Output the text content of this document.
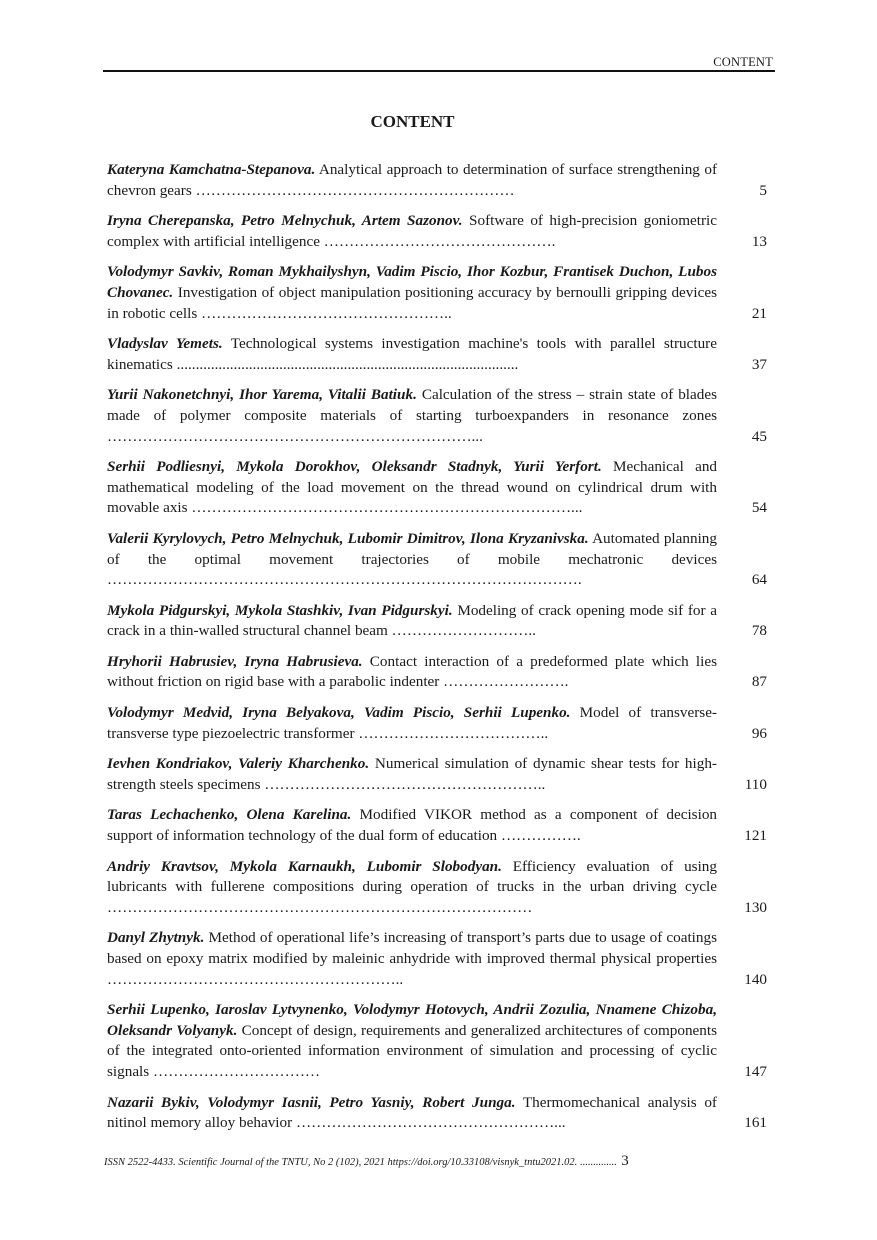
CONTENT
CONTENT
Kateryna Kamchatna-Stepanova. Analytical approach to determination of surface strengthening of chevron gears ………………………………………………………	5
Iryna Cherepanska, Petro Melnychuk, Artem Sazonov. Software of high-precision goniometric complex with artificial intelligence ……………………………………….	13
Volodymyr Savkiv, Roman Mykhailyshyn, Vadim Piscio, Ihor Kozbur, Frantisek Duchon, Lubos Chovanec. Investigation of object manipulation positioning accuracy by bernoulli gripping devices in robotic cells …………………………………………..	21
Vladyslav Yemets. Technological systems investigation machine's tools with parallel structure kinematics ..........................................................................................	37
Yurii Nakonetchnyi, Ihor Yarema, Vitalii Batiuk. Calculation of the stress – strain state of blades made of polymer composite materials of starting turboexpanders in resonance zones ………………………………………………………………...	45
Serhii Podliesnyi, Mykola Dorokhov, Oleksandr Stadnyk, Yurii Yerfort. Mechanical and mathematical modeling of the load movement on the thread wound on cylindrical drum with movable axis …………………………………………………………………...	54
Valerii Kyrylovych, Petro Melnychuk, Lubomir Dimitrov, Ilona Kryzanivska. Automated planning of the optimal movement trajectories of mobile mechatronic devices ………………………………………………………………………………….	64
Mykola Pidgurskyi, Mykola Stashkiv, Ivan Pidgurskyi. Modeling of crack opening mode sif for a crack in a thin-walled structural channel beam ………………………..	78
Hryhorii Habrusiev, Iryna Habrusieva. Contact interaction of a predeformed plate which lies without friction on rigid base with a parabolic indenter …………………….	87
Volodymyr Medvid, Iryna Belyakova, Vadim Piscio, Serhii Lupenko. Model of transverse-transverse type piezoelectric transformer ………………………………..	96
Ievhen Kondriakov, Valeriy Kharchenko. Numerical simulation of dynamic shear tests for high-strength steels specimens ………………………………………………..	110
Taras Lechachenko, Olena Karelina. Modified VIKOR method as a component of decision support of information technology of the dual form of education …………….	121
Andriy Kravtsov, Mykola Karnaukh, Lubomir Slobodyan. Efficiency evaluation of using lubricants with fullerene compositions during operation of trucks in the urban driving cycle …………………………………………………………………………	130
Danyl Zhytnyk. Method of operational life’s increasing of transport’s parts due to usage of coatings based on epoxy matrix modified by maleinic anhydride with improved thermal physical properties …………………………………………………..	140
Serhii Lupenko, Iaroslav Lytvynenko, Volodymyr Hotovych, Andrii Zozulia, Nnamene Chizoba, Oleksandr Volyanyk. Concept of design, requirements and generalized architectures of components of the integrated onto-oriented information environment of simulation and processing of cyclic signals ……………………………	147
Nazarii Bykiv, Volodymyr Iasnii, Petro Yasniy, Robert Junga. Thermomechanical analysis of nitinol memory alloy behavior ……………………………………………...	161
ISSN 2522-4433. Scientific Journal of the TNTU, No 2 (102), 2021 https://doi.org/10.33108/visnyk_tntu2021.02. .............. 3
